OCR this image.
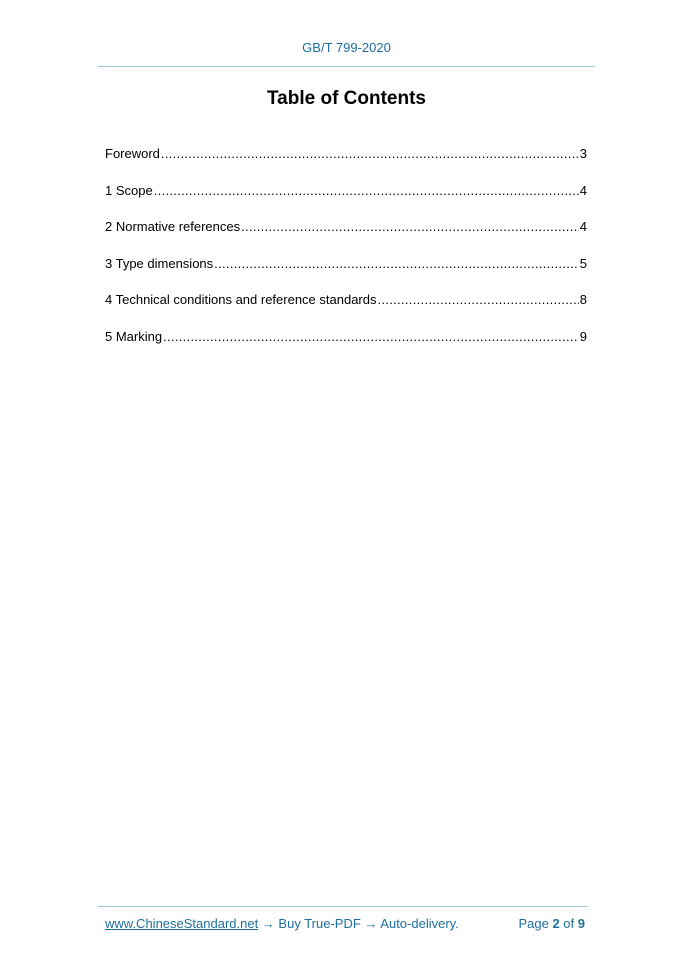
GB/T 799-2020
Table of Contents
Foreword .....	3
1 Scope .....	4
2 Normative references .....	4
3 Type dimensions .....	5
4 Technical conditions and reference standards .....	8
5 Marking .....	9
www.ChineseStandard.net → Buy True-PDF → Auto-delivery.	Page 2 of 9
